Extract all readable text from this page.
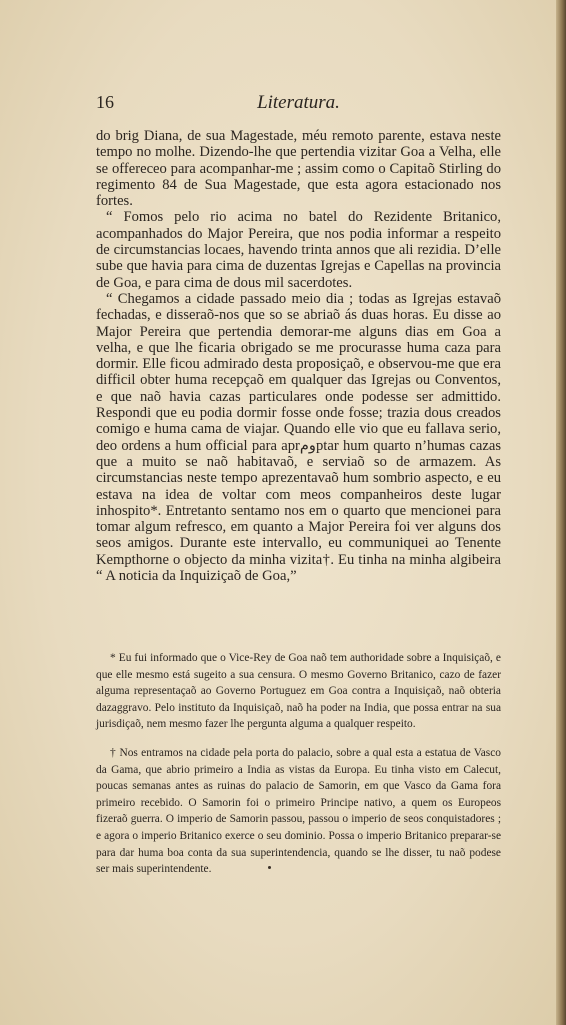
16	Literatura.

do brig Diana, de sua Magestade, méu remoto parente, estava neste tempo no molhe. Dizendo-lhe que pertendia vizitar Goa a Velha, elle se offereceo para acompanhar-me ; assim como o Capitaõ Stirling do regimento 84 de Sua Magestade, que esta agora estacionado nos fortes.

“ Fomos pelo rio acima no batel do Rezidente Britanico, acompanhados do Major Pereira, que nos podia informar a respeito de circumstancias locaes, havendo trinta annos que ali rezidia. D’elle sube que havia para cima de duzentas Igrejas e Capellas na provincia de Goa, e para cima de dous mil sacerdotes.

“ Chegamos a cidade passado meio dia ; todas as Igrejas estavaõ fechadas, e disseraõ-nos que so se abriaõ ás duas horas. Eu disse ao Major Pereira que pertendia demorar-me alguns dias em Goa a velha, e que lhe ficaria obrigado se me procurasse huma caza para dormir. Elle ficou admirado desta proposiçaõ, e observou-me que era difficil obter huma recepçaõ em qualquer das Igrejas ou Conventos, e que naõ havia cazas particulares onde podesse ser admittido. Respondi que eu podia dormir fosse onde fosse; trazia dous creados comigo e huma cama de viajar. Quando elle vio que eu fallava serio, deo ordens a hum official para aprومptar hum quarto n’humas cazas que a muito se naõ habitavaõ, e serviaõ so de armazem. As circumstancias neste tempo aprezentavaõ hum sombrio aspecto, e eu estava na idea de voltar com meos companheiros deste lugar inhospito*. Entretanto sentamo nos em o quarto que mencionei para tomar algum refresco, em quanto a Major Pereira foi ver alguns dos seos amigos. Durante este intervallo, eu communiquei ao Tenente Kempthorne o objecto da minha vizita†. Eu tinha na minha algibeira “ A noticia da Inquiziçaõ de Goa,”

* Eu fui informado que o Vice-Rey de Goa naõ tem authoridade sobre a Inquisiçaõ, e que elle mesmo está sugeito a sua censura. O mesmo Governo Britanico, cazo de fazer alguma representaçaõ ao Governo Portuguez em Goa contra a Inquisiçaõ, naõ obteria dazaggravo. Pelo instituto da Inquisiçaõ, naõ ha poder na India, que possa entrar na sua jurisdiçaõ, nem mesmo fazer lhe pergunta alguma a qualquer respeito.

† Nos entramos na cidade pela porta do palacio, sobre a qual esta a estatua de Vasco da Gama, que abrio primeiro a India as vistas da Europa. Eu tinha visto em Calecut, poucas semanas antes as ruinas do palacio de Samorin, em que Vasco da Gama fora primeiro recebido. O Samorin foi o primeiro Principe nativo, a quem os Europeos fizeraõ guerra. O imperio de Samorin passou, passou o imperio de seos conquistadores ; e agora o imperio Britanico exerce o seu dominio. Possa o imperio Britanico preparar-se para dar huma boa conta da sua superintendencia, quando se lhe disser, tu naõ podese ser mais superintendente.
